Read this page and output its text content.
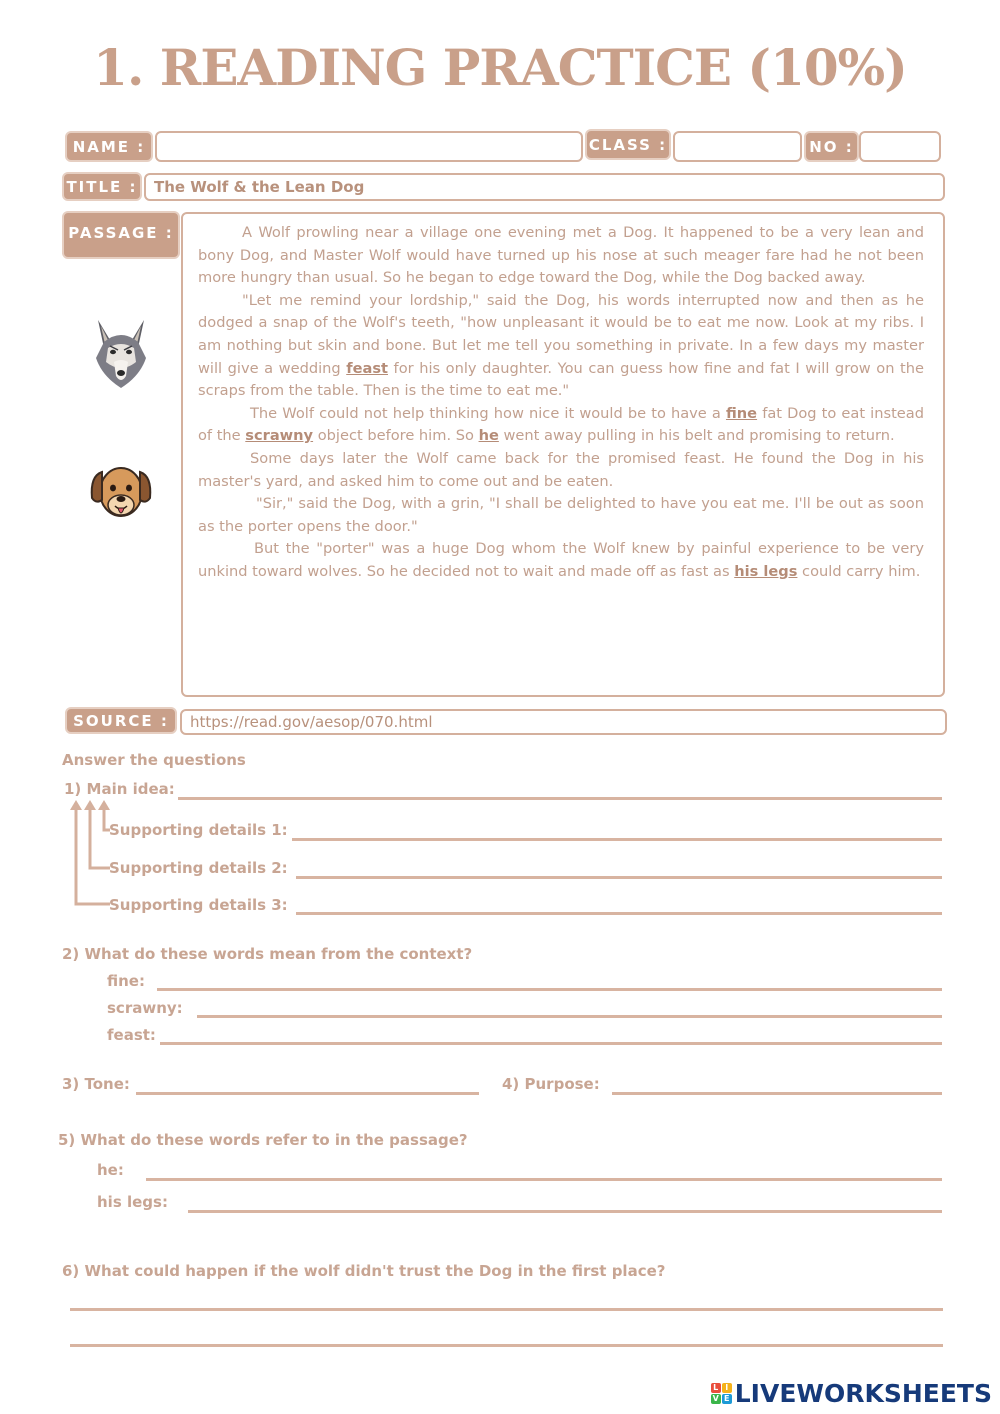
1. READING PRACTICE (10%)
NAME :	CLASS :	NO :
TITLE :	The Wolf & the Lean Dog
PASSAGE :	A Wolf prowling near a village one evening met a Dog. It happened to be a very lean and bony Dog, and Master Wolf would have turned up his nose at such meager fare had he not been more hungry than usual. So he began to edge toward the Dog, while the Dog backed away.

"Let me remind your lordship," said the Dog, his words interrupted now and then as he dodged a snap of the Wolf's teeth, "how unpleasant it would be to eat me now. Look at my ribs. I am nothing but skin and bone. But let me tell you something in private. In a few days my master will give a wedding feast for his only daughter. You can guess how fine and fat I will grow on the scraps from the table. Then is the time to eat me."

The Wolf could not help thinking how nice it would be to have a fine fat Dog to eat instead of the scrawny object before him. So he went away pulling in his belt and promising to return.

Some days later the Wolf came back for the promised feast. He found the Dog in his master's yard, and asked him to come out and be eaten.

"Sir," said the Dog, with a grin, "I shall be delighted to have you eat me. I'll be out as soon as the porter opens the door."

But the "porter" was a huge Dog whom the Wolf knew by painful experience to be very unkind toward wolves. So he decided not to wait and made off as fast as his legs could carry him.

SOURCE :	https://read.gov/aesop/070.html
Answer the questions
1) Main idea:
Supporting details 1:
Supporting details 2:
Supporting details 3:
2) What do these words mean from the context?
fine:
scrawny:
feast:
3) Tone:	4) Purpose:
5) What do these words refer to in the passage?
he:
his legs:
6) What could happen if the wolf didn't trust the Dog in the first place?
L I
V E LIVEWORKSHEETS
